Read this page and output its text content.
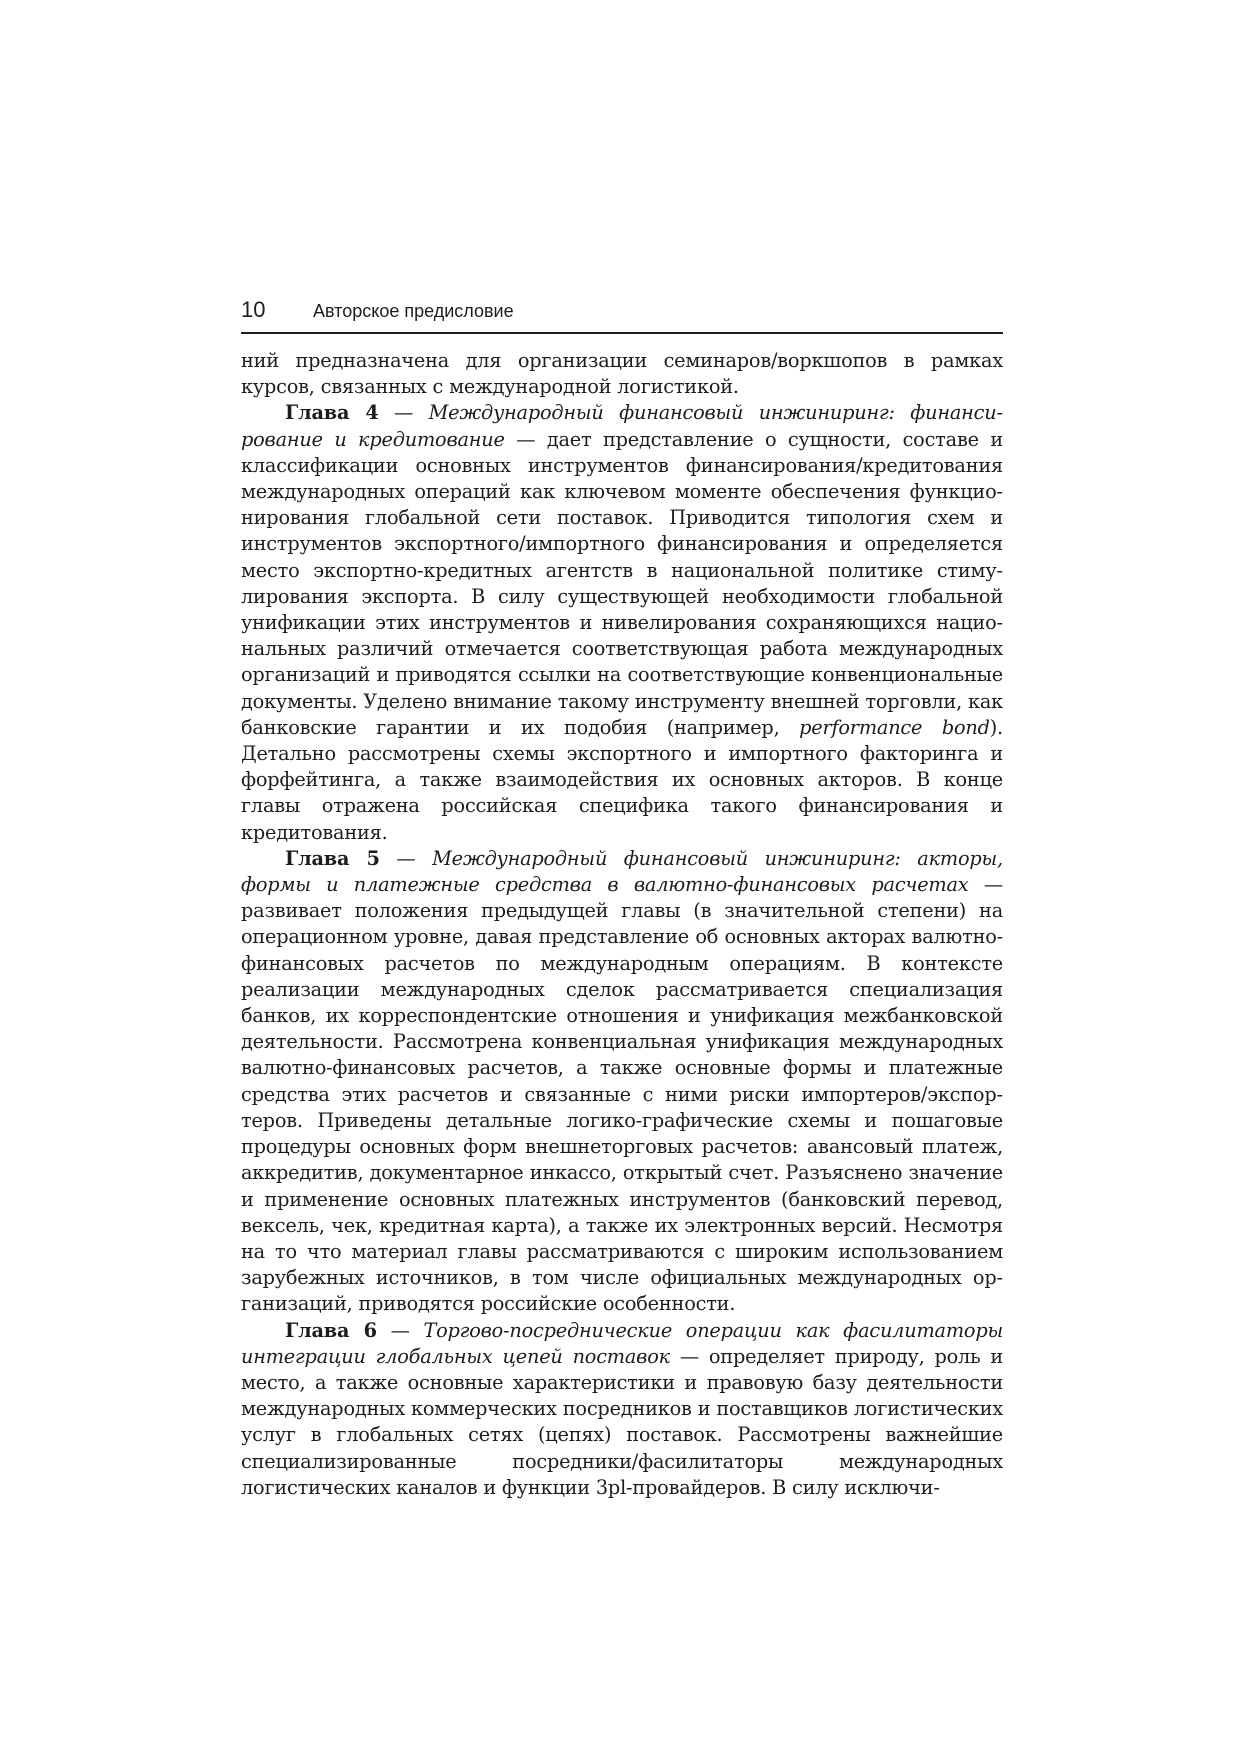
10	Авторское предисловие

ний предназначена для организации семинаров/воркшопов в рамках курсов, связанных с международной логистикой.

Глава 4 — Международный финансовый инжиниринг: финансирование и кредитование — дает представление о сущности, составе и классификации основных инструментов финансирования/кредитования международных операций как ключевом моменте обеспечения функционирования глобальной сети поставок. Приводится типология схем и инструментов экспортного/импортного финансирования и определяется место экспортно-кредитных агентств в национальной политике стимулирования экспорта. В силу существующей необходимости глобальной унификации этих инструментов и нивелирования сохраняющихся национальных различий отмечается соответствующая работа международных организаций и приводятся ссылки на соответствующие конвенциональные документы. Уделено внимание такому инструменту внешней торговли, как банковские гарантии и их подобия (например, performance bond). Детально рассмотрены схемы экспортного и импортного факторинга и форфейтинга, а также взаимодействия их основных акторов. В конце главы отражена российская специфика такого финансирования и кредитования.

Глава 5 — Международный финансовый инжиниринг: акторы, формы и платежные средства в валютно-финансовых расчетах — развивает положения предыдущей главы (в значительной степени) на операционном уровне, давая представление об основных акторах валютно-финансовых расчетов по международным операциям. В контексте реализации международных сделок рассматривается специализация банков, их корреспондентские отношения и унификация межбанковской деятельности. Рассмотрена конвенциальная унификация международных валютно-финансовых расчетов, а также основные формы и платежные средства этих расчетов и связанные с ними риски импортеров/экспортеров. Приведены детальные логико-графические схемы и пошаговые процедуры основных форм внешнеторговых расчетов: авансовый платеж, аккредитив, документарное инкассо, открытый счет. Разъяснено значение и применение основных платежных инструментов (банковский перевод, вексель, чек, кредитная карта), а также их электронных версий. Несмотря на то что материал главы рассматриваются с широким использованием зарубежных источников, в том числе официальных международных организаций, приводятся российские особенности.

Глава 6 — Торгово-посреднические операции как фасилитаторы интеграции глобальных цепей поставок — определяет природу, роль и место, а также основные характеристики и правовую базу деятельности международных коммерческих посредников и поставщиков логистических услуг в глобальных сетях (цепях) поставок. Рассмотрены важнейшие специализированные посредники/фасилитаторы международных логистических каналов и функции 3pl-провайдеров. В силу исключи-
